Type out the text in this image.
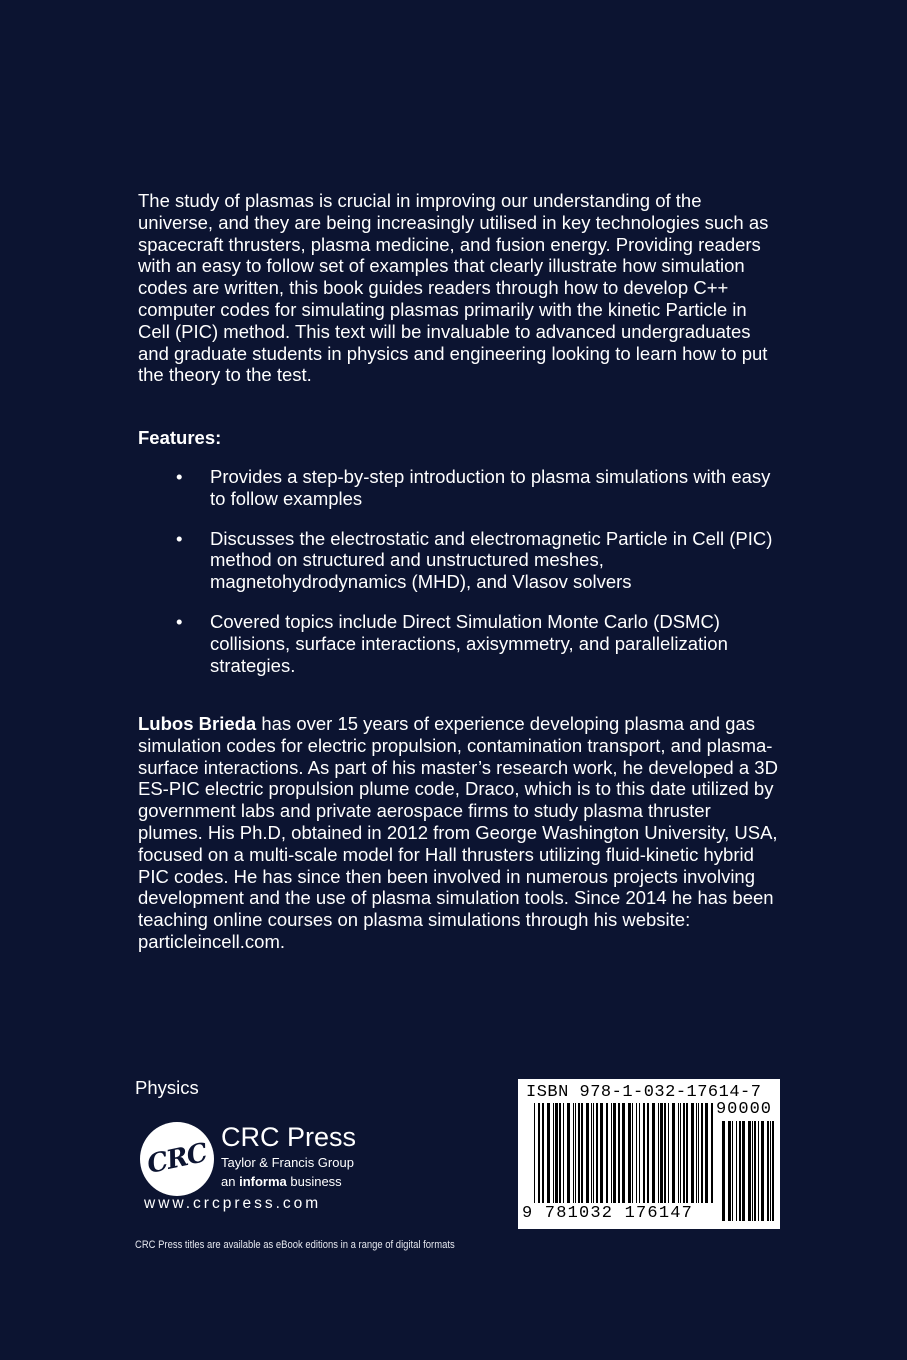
The study of plasmas is crucial in improving our understanding of the universe, and they are being increasingly utilised in key technologies such as spacecraft thrusters, plasma medicine, and fusion energy. Providing readers with an easy to follow set of examples that clearly illustrate how simulation codes are written, this book guides readers through how to develop C++ computer codes for simulating plasmas primarily with the kinetic Particle in Cell (PIC) method. This text will be invaluable to advanced undergraduates and graduate students in physics and engineering looking to learn how to put the theory to the test.

Features:

• Provides a step-by-step introduction to plasma simulations with easy to follow examples
• Discusses the electrostatic and electromagnetic Particle in Cell (PIC) method on structured and unstructured meshes, magnetohydrodynamics (MHD), and Vlasov solvers
• Covered topics include Direct Simulation Monte Carlo (DSMC) collisions, surface interactions, axisymmetry, and parallelization strategies.

Lubos Brieda has over 15 years of experience developing plasma and gas simulation codes for electric propulsion, contamination transport, and plasma-surface interactions. As part of his master’s research work, he developed a 3D ES-PIC electric propulsion plume code, Draco, which is to this date utilized by government labs and private aerospace firms to study plasma thruster plumes. His Ph.D, obtained in 2012 from George Washington University, USA, focused on a multi-scale model for Hall thrusters utilizing fluid-kinetic hybrid PIC codes. He has since then been involved in numerous projects involving development and the use of plasma simulation tools. Since 2014 he has been teaching online courses on plasma simulations through his website: particleincell.com.

Physics
CRC
CRC Press
Taylor & Francis Group
an informa business
www.crcpress.com
CRC Press titles are available as eBook editions in a range of digital formats
ISBN 978-1-032-17614-7
90000
9 781032 176147
